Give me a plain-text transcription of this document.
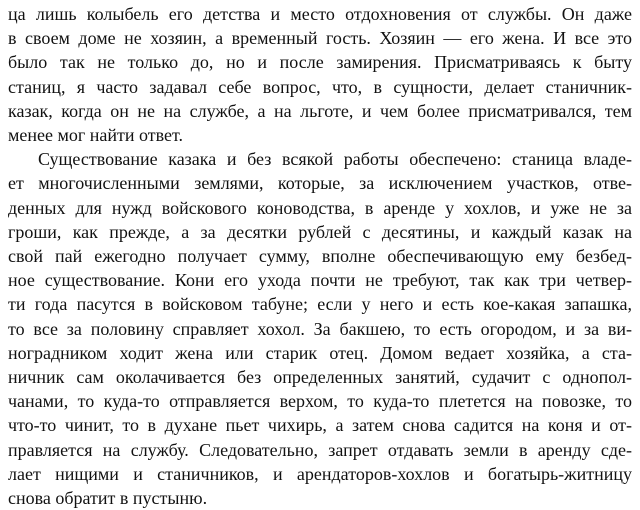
ца лишь колыбель его детства и место отдохновения от службы. Он даже
в своем доме не хозяин, а временный гость. Хозяин — его жена. И все это
было так не только до, но и после замирения. Присматриваясь к быту
станиц, я часто задавал себе вопрос, что, в сущности, делает станичник-
казак, когда он не на службе, а на льготе, и чем более присматривался, тем
менее мог найти ответ.
Существование казака и без всякой работы обеспечено: станица владе-
ет многочисленными землями, которые, за исключением участков, отве-
денных для нужд войскового коноводства, в аренде у хохлов, и уже не за
гроши, как прежде, а за десятки рублей с десятины, и каждый казак на
свой пай ежегодно получает сумму, вполне обеспечивающую ему безбед-
ное существование. Кони его ухода почти не требуют, так как три четвер-
ти года пасутся в войсковом табуне; если у него и есть кое-какая запашка,
то все за половину справляет хохол. За бакшею, то есть огородом, и за ви-
ноградником ходит жена или старик отец. Домом ведает хозяйка, а ста-
ничник сам околачивается без определенных занятий, судачит с однопол-
чанами, то куда-то отправляется верхом, то куда-то плетется на повозке, то
что-то чинит, то в духане пьет чихирь, а затем снова садится на коня и от-
правляется на службу. Следовательно, запрет отдавать земли в аренду сде-
лает нищими и станичников, и арендаторов-хохлов и богатырь-житницу
снова обратит в пустыню.
